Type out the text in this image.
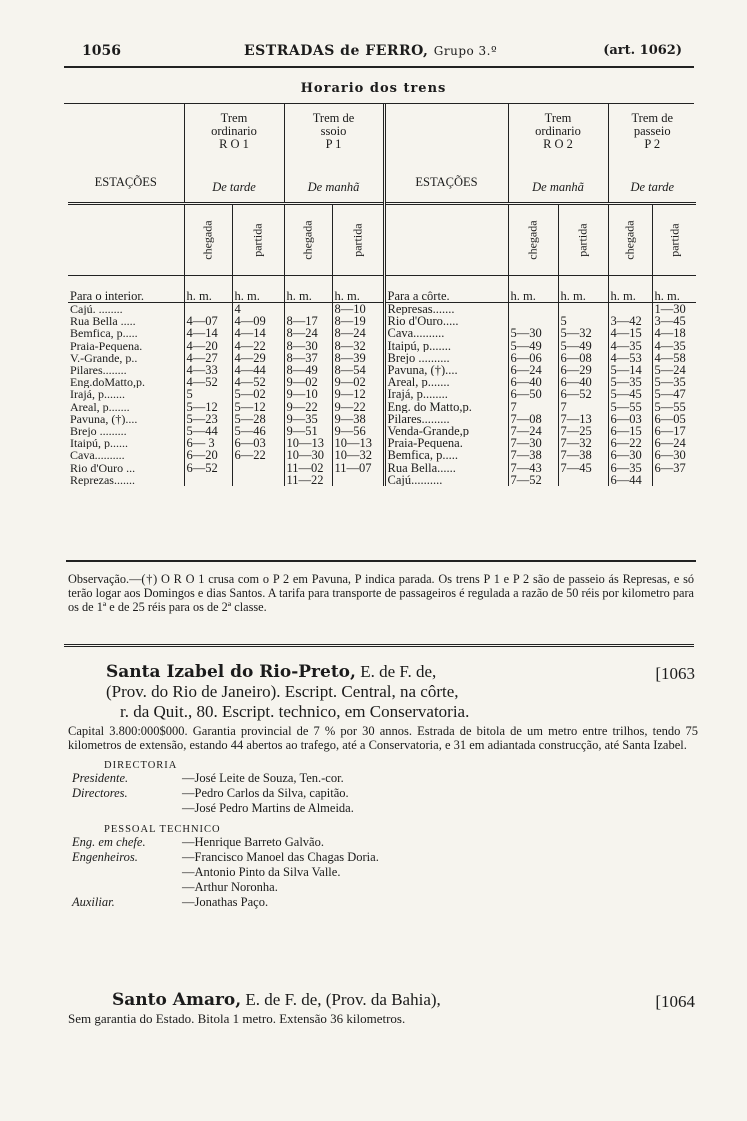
1056	ESTRADAS de FERRO, Grupo 3.º	(art. 1062)
Horario dos trens
ESTAÇÕES	Trem
ordinario
R O 1		Trem de
ssoio
P 1		ESTAÇÕES	Trem
ordinario
R O 2		Trem de
passeio
P 2	
	De tarde		De manhã			De manhã		De tarde	
	chegada	partida	chegada	partida		chegada	partida	chegada	partida
Para o interior.	h. m.	h. m.	h. m.	h. m.	Para a côrte.	h. m.	h. m.	h. m.	h. m.
Cajú. ........		4		8—10	Represas.......				1—30
Rua Bella .....	4—07	4—09	8—17	8—19	Rio d'Ouro.....		5	3—42	3—45
Bemfica, p.....	4—14	4—14	8—24	8—24	Cava..........	5—30	5—32	4—15	4—18
Praia-Pequena.	4—20	4—22	8—30	8—32	Itaipú, p.......	5—49	5—49	4—35	4—35
V.-Grande, p..	4—27	4—29	8—37	8—39	Brejo ..........	6—06	6—08	4—53	4—58
Pilares........	4—33	4—44	8—49	8—54	Pavuna, (†)....	6—24	6—29	5—14	5—24
Eng.doMatto,p.	4—52	4—52	9—02	9—02	Areal, p.......	6—40	6—40	5—35	5—35
Irajá, p.......	5	5—02	9—10	9—12	Irajá, p........	6—50	6—52	5—45	5—47
Areal, p.......	5—12	5—12	9—22	9—22	Eng. do Matto,p.	7	7	5—55	5—55
Pavuna, (†)....	5—23	5—28	9—35	9—38	Pilares.........	7—08	7—13	6—03	6—05
Brejo .........	5—44	5—46	9—51	9—56	Venda-Grande,p	7—24	7—25	6—15	6—17
Itaipú, p......	6— 3	6—03	10—13	10—13	Praia-Pequena.	7—30	7—32	6—22	6—24
Cava..........	6—20	6—22	10—30	10—32	Bemfica, p.....	7—38	7—38	6—30	6—30
Rio d'Ouro ...	6—52		11—02	11—07	Rua Bella......	7—43	7—45	6—35	6—37
Reprezas.......			11—22		Cajú..........	7—52		6—44	
Observação.—(†) O R O 1 crusa com o P 2 em Pavuna, P indica parada. Os trens P 1 e P 2 são de passeio ás Represas, e só terão logar aos Domingos e dias Santos. A tarifa para transporte de passageiros é regulada a razão de 50 réis por kilometro para os de 1ª e de 25 réis para os de 2ª classe.
Santa Izabel do Rio-Preto, E. de F. de,
(Prov. do Rio de Janeiro). Escript. Central, na côrte,
r. da Quit., 80. Escript. technico, em Conservatoria.
Capital 3.800:000$000. Garantia provincial de 7 % por 30 annos. Estrada de bitola de um metro entre trilhos, tendo 75 kilometros de extensão, estando 44 abertos ao trafego, até a Conservatoria, e 31 em adiantada construcção, até Santa Izabel.
DIRECTORIA
Presidente.	—José Leite de Souza, Ten.-cor.
Directores.	—Pedro Carlos da Silva, capitão.
—José Pedro Martins de Almeida.
PESSOAL TECHNICO
Eng. em chefe.	—Henrique Barreto Galvão.
Engenheiros.	—Francisco Manoel das Chagas Doria.
—Antonio Pinto da Silva Valle.
—Arthur Noronha.
Auxiliar.	—Jonathas Paço.
[1063
Santo Amaro, E. de F. de, (Prov. da Bahia),
Sem garantia do Estado. Bitola 1 metro. Extensão 36 kilometros.
[1064
